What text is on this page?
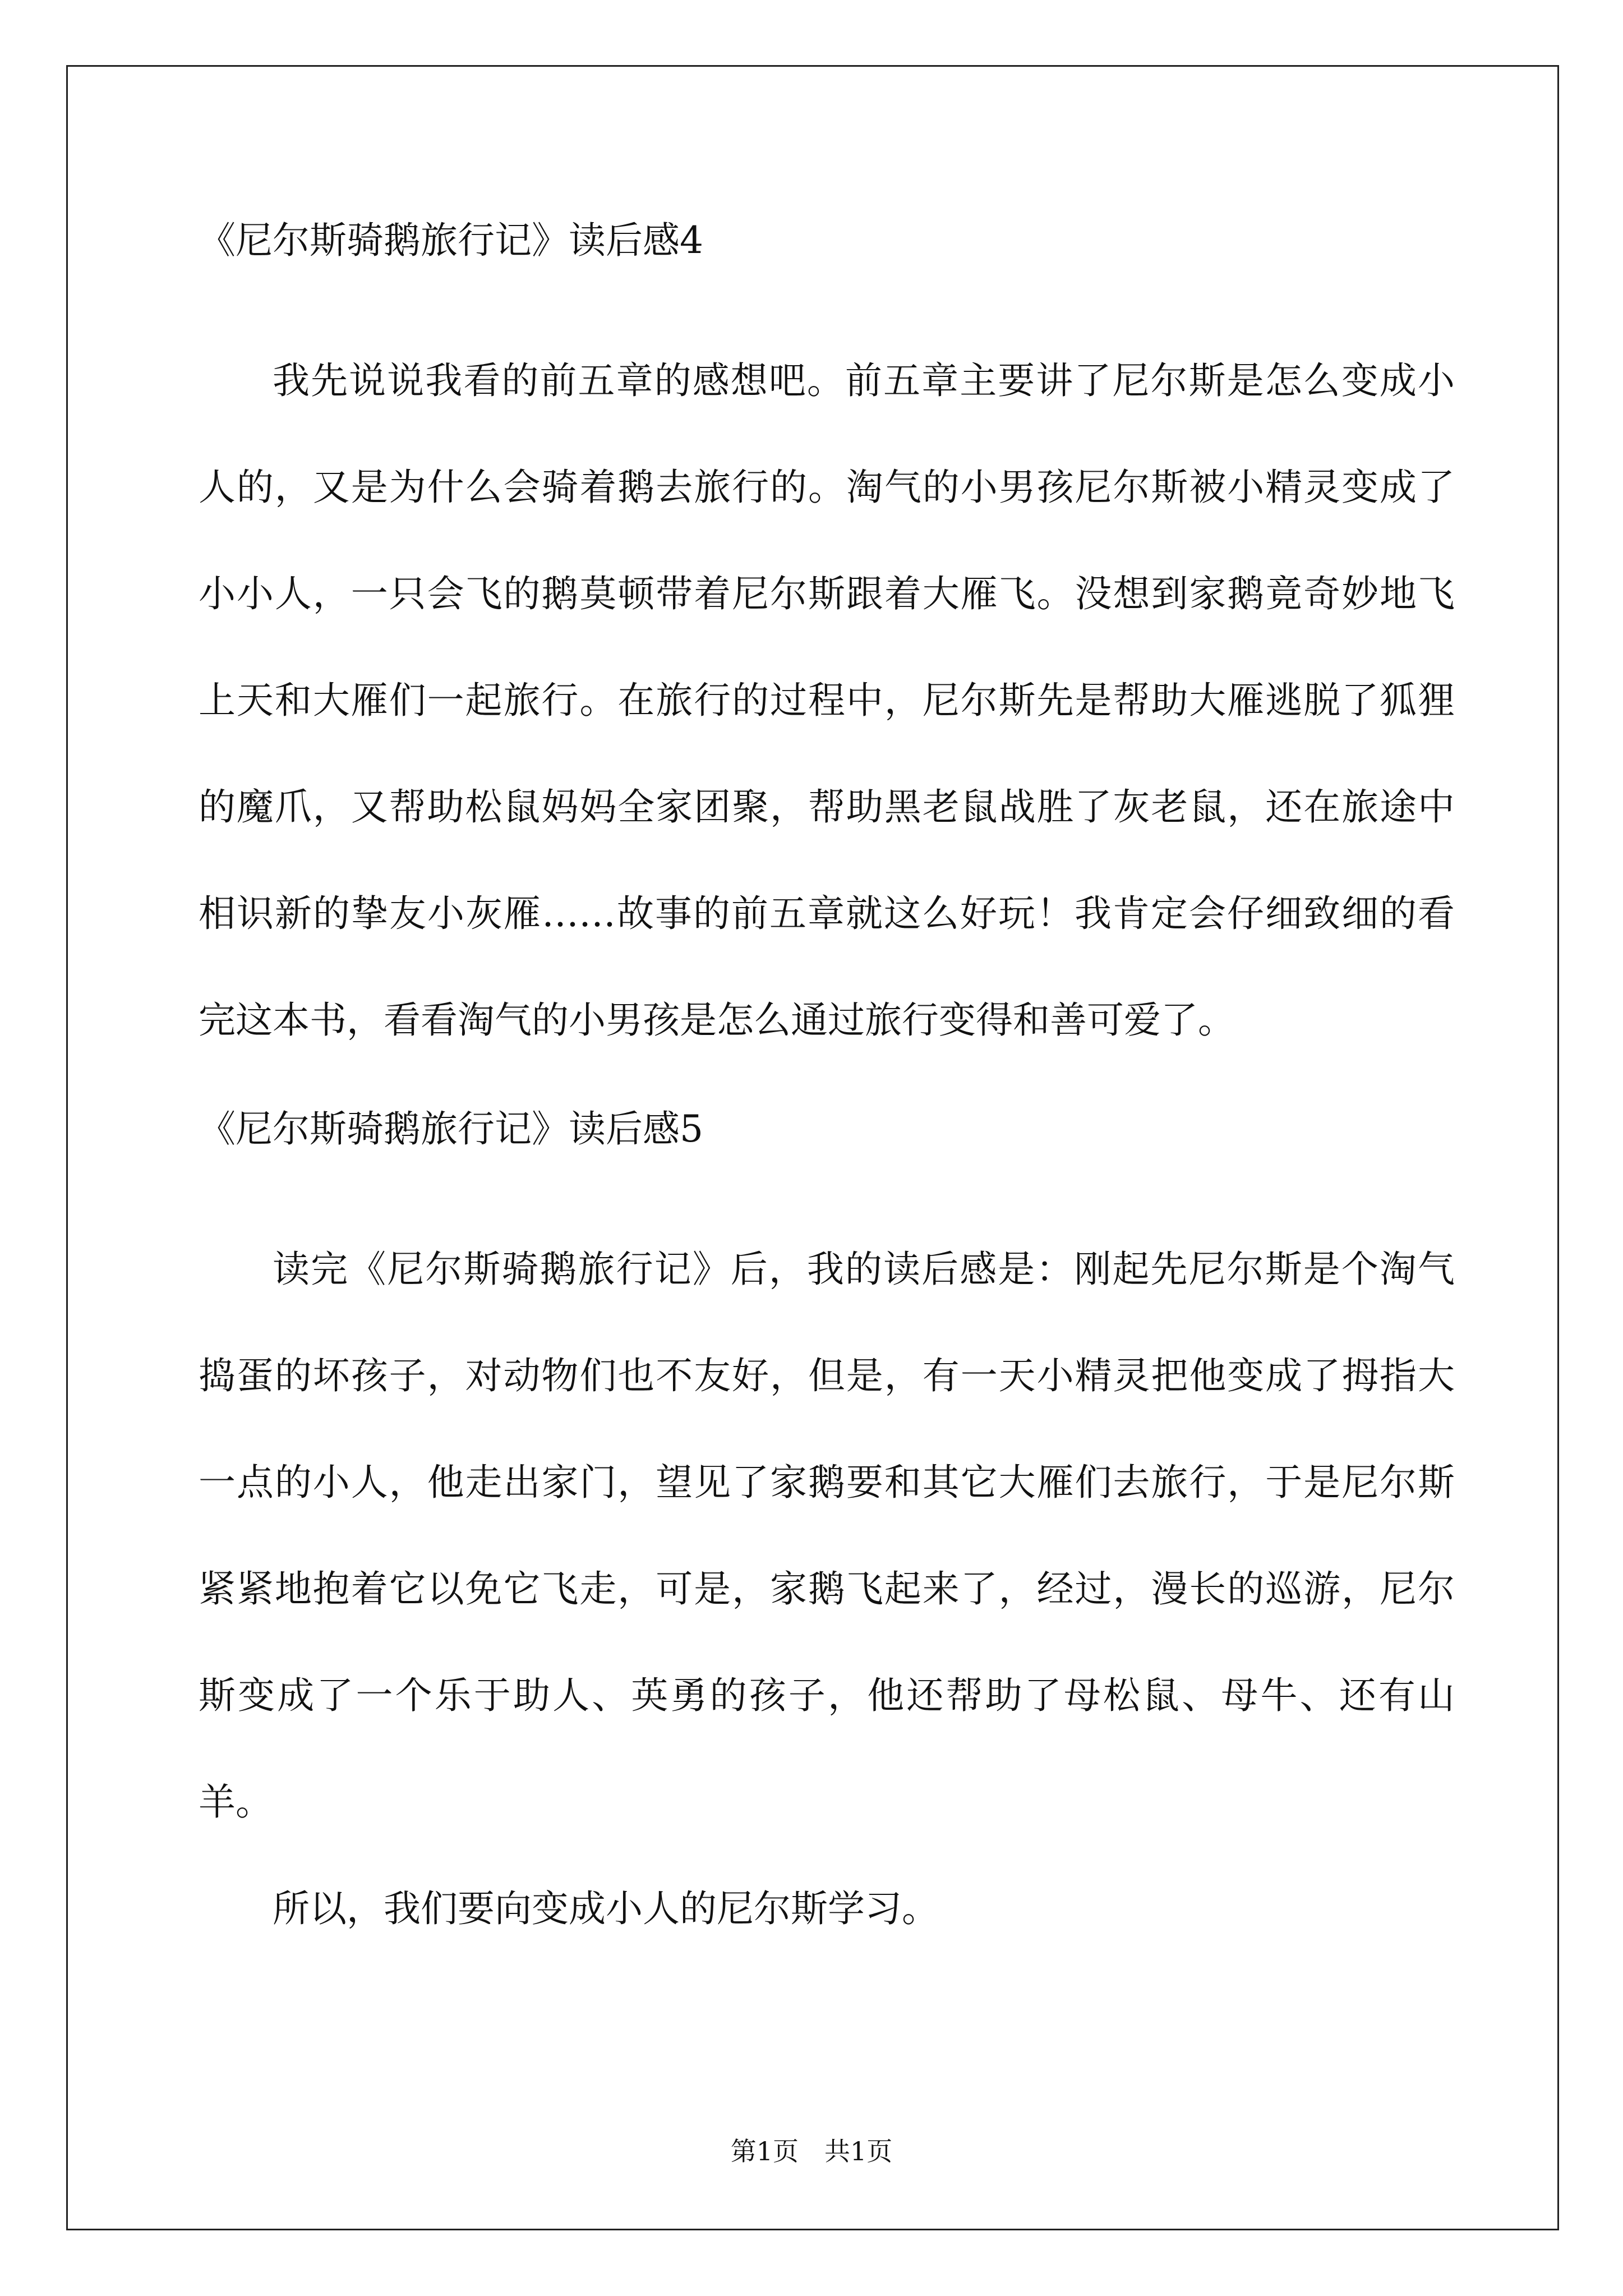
《尼尔斯骑鹅旅行记》读后感4

我先说说我看的前五章的感想吧。前五章主要讲了尼尔斯是怎么变成小人的，又是为什么会骑着鹅去旅行的。淘气的小男孩尼尔斯被小精灵变成了小小人，一只会飞的鹅莫顿带着尼尔斯跟着大雁飞。没想到家鹅竟奇妙地飞上天和大雁们一起旅行。在旅行的过程中，尼尔斯先是帮助大雁逃脱了狐狸的魔爪，又帮助松鼠妈妈全家团聚，帮助黑老鼠战胜了灰老鼠，还在旅途中相识新的挚友小灰雁……故事的前五章就这么好玩！我肯定会仔细致细的看完这本书，看看淘气的小男孩是怎么通过旅行变得和善可爱了。

《尼尔斯骑鹅旅行记》读后感5

读完《尼尔斯骑鹅旅行记》后，我的读后感是：刚起先尼尔斯是个淘气捣蛋的坏孩子，对动物们也不友好，但是，有一天小精灵把他变成了拇指大一点的小人，他走出家门，望见了家鹅要和其它大雁们去旅行，于是尼尔斯紧紧地抱着它以免它飞走，可是，家鹅飞起来了，经过，漫长的巡游，尼尔斯变成了一个乐于助人、英勇的孩子，他还帮助了母松鼠、母牛、还有山羊。

所以，我们要向变成小人的尼尔斯学习。

第1页 共1页
